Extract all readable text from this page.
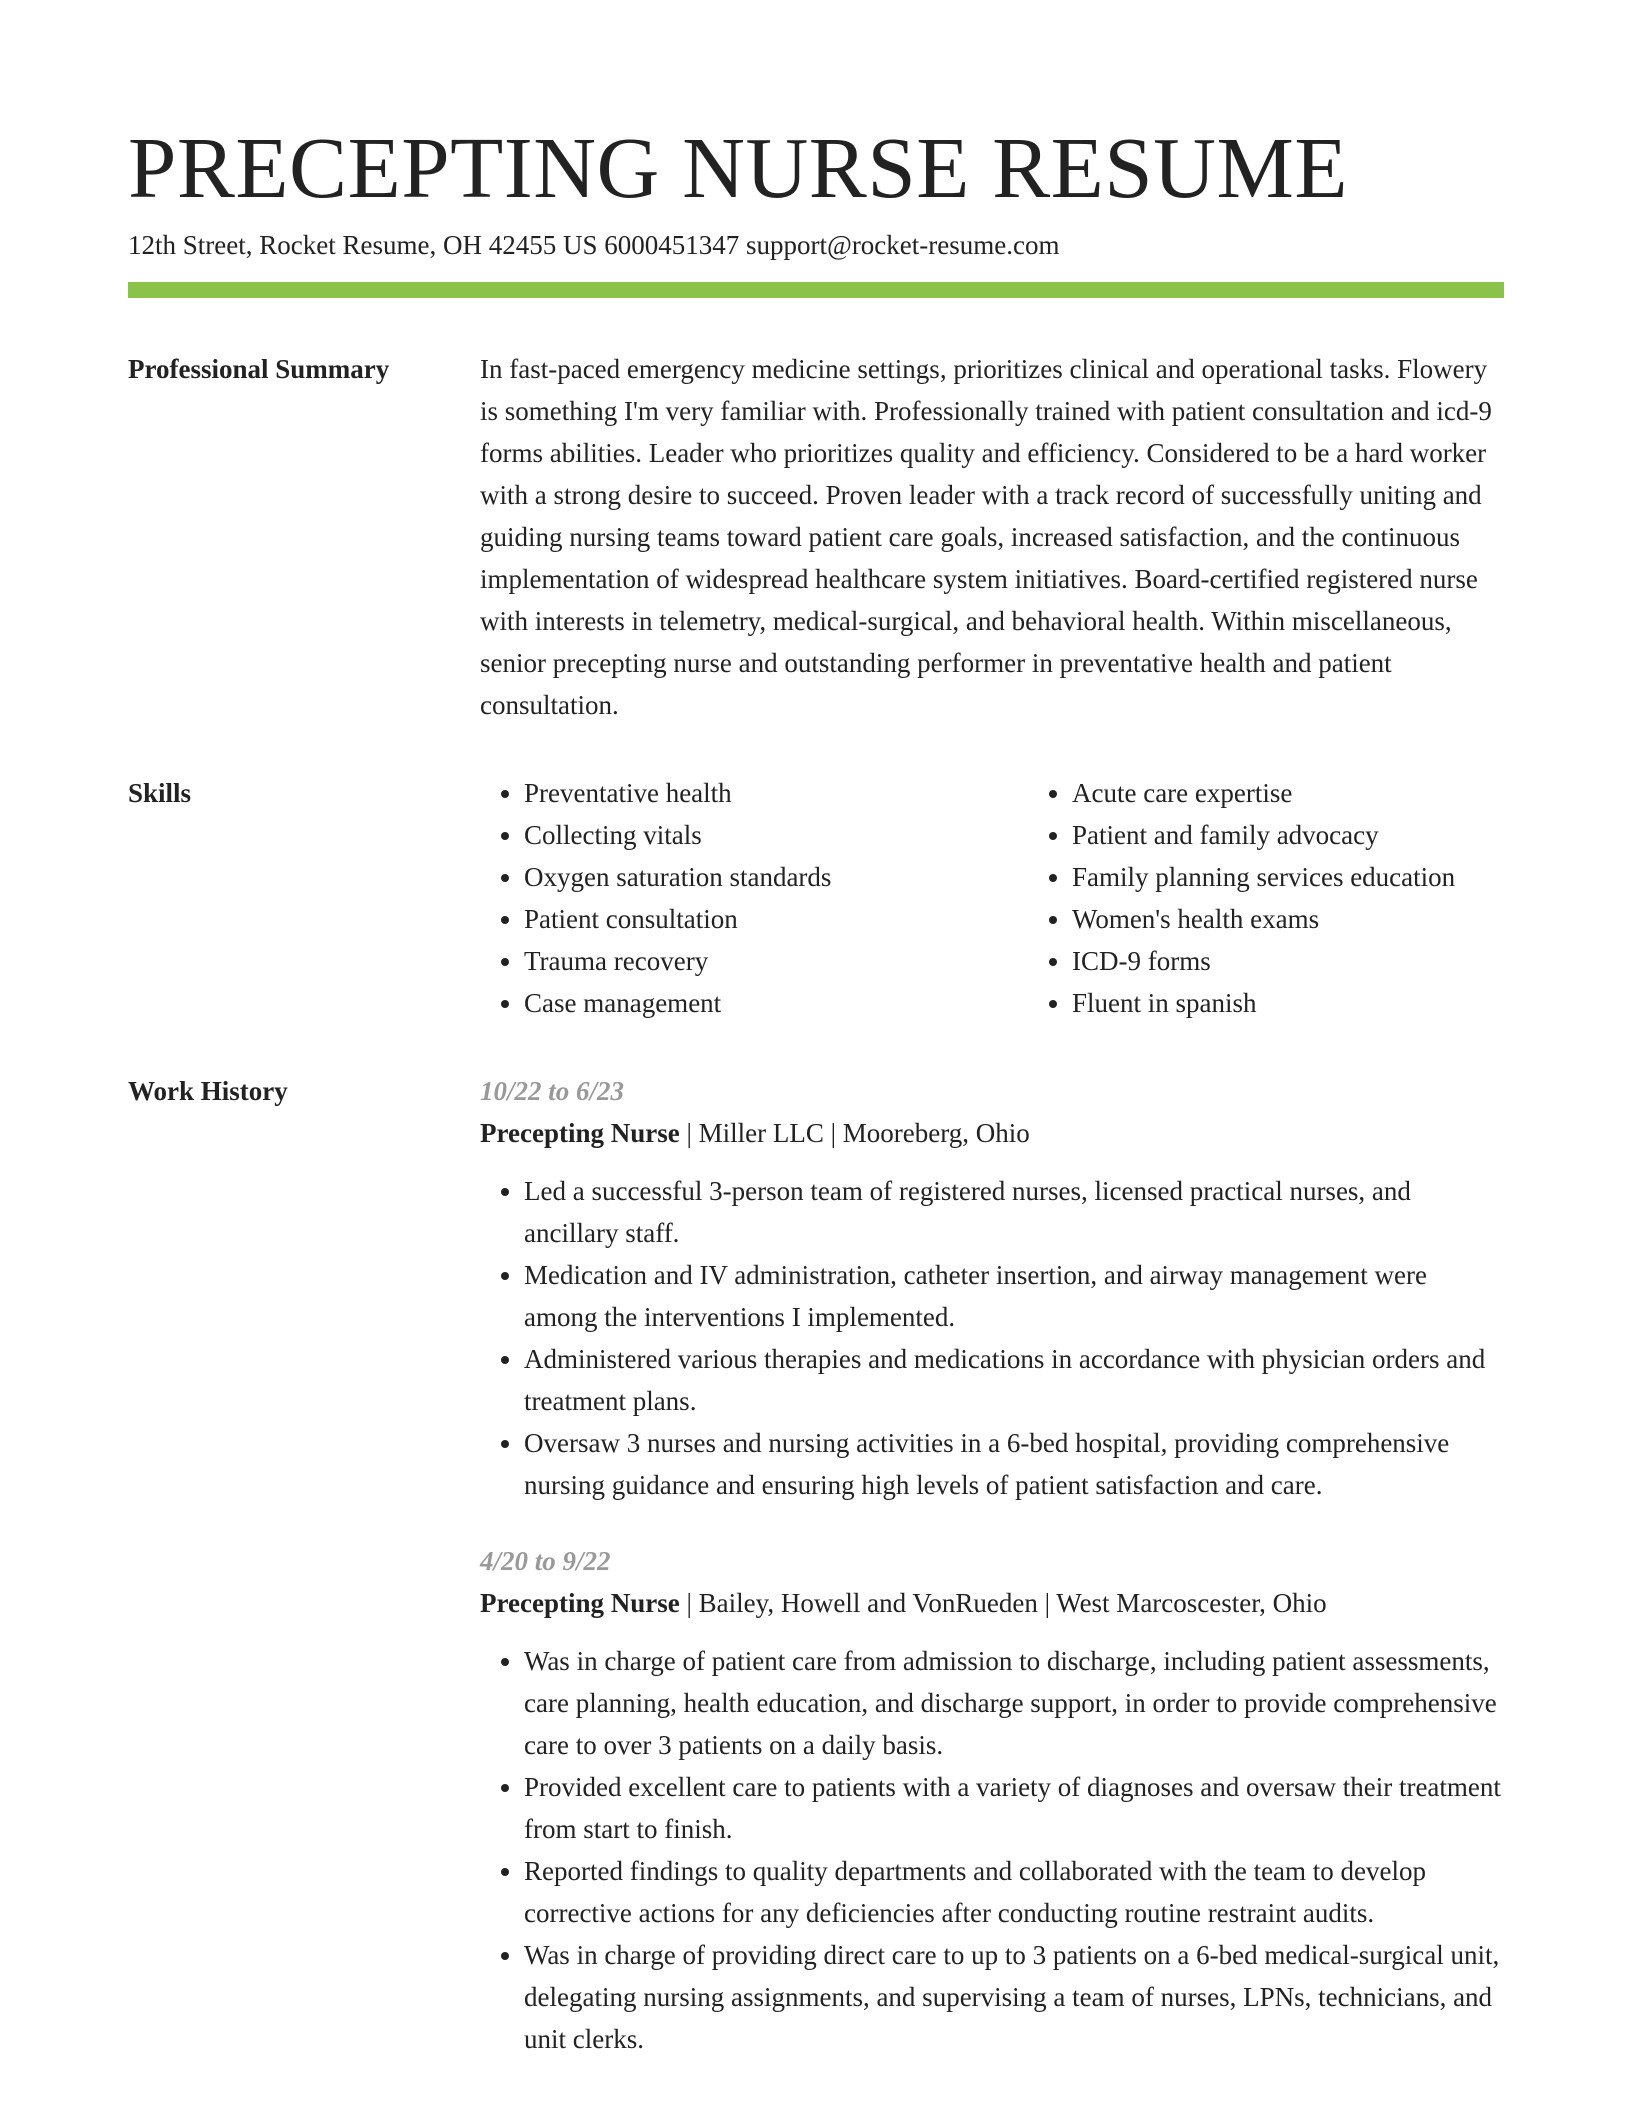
PRECEPTING NURSE RESUME
12th Street, Rocket Resume, OH 42455 US 6000451347 support@rocket-resume.com
Professional Summary	In fast-paced emergency medicine settings, prioritizes clinical and operational tasks. Flowery is something I'm very familiar with. Professionally trained with patient consultation and icd-9 forms abilities. Leader who prioritizes quality and efficiency. Considered to be a hard worker with a strong desire to succeed. Proven leader with a track record of successfully uniting and guiding nursing teams toward patient care goals, increased satisfaction, and the continuous implementation of widespread healthcare system initiatives. Board-certified registered nurse with interests in telemetry, medical-surgical, and behavioral health. Within miscellaneous, senior precepting nurse and outstanding performer in preventative health and patient consultation.

Skills
•	Preventative health
• Collecting vitals
• Oxygen saturation standards
• Patient consultation
• Trauma recovery
• Case management
• Acute care expertise
• Patient and family advocacy
• Family planning services education
• Women's health exams
• ICD-9 forms
• Fluent in spanish
Work History	10/22 to 6/23
Precepting Nurse | Miller LLC | Mooreberg, Ohio
• Led a successful 3-person team of registered nurses, licensed practical nurses, and ancillary staff.
• Medication and IV administration, catheter insertion, and airway management were among the interventions I implemented.
• Administered various therapies and medications in accordance with physician orders and treatment plans.
• Oversaw 3 nurses and nursing activities in a 6-bed hospital, providing comprehensive nursing guidance and ensuring high levels of patient satisfaction and care.
4/20 to 9/22
Precepting Nurse | Bailey, Howell and VonRueden | West Marcoscester, Ohio
• Was in charge of patient care from admission to discharge, including patient assessments, care planning, health education, and discharge support, in order to provide comprehensive care to over 3 patients on a daily basis.
• Provided excellent care to patients with a variety of diagnoses and oversaw their treatment from start to finish.
• Reported findings to quality departments and collaborated with the team to develop corrective actions for any deficiencies after conducting routine restraint audits.
• Was in charge of providing direct care to up to 3 patients on a 6-bed medical-surgical unit, delegating nursing assignments, and supervising a team of nurses, LPNs, technicians, and unit clerks.
